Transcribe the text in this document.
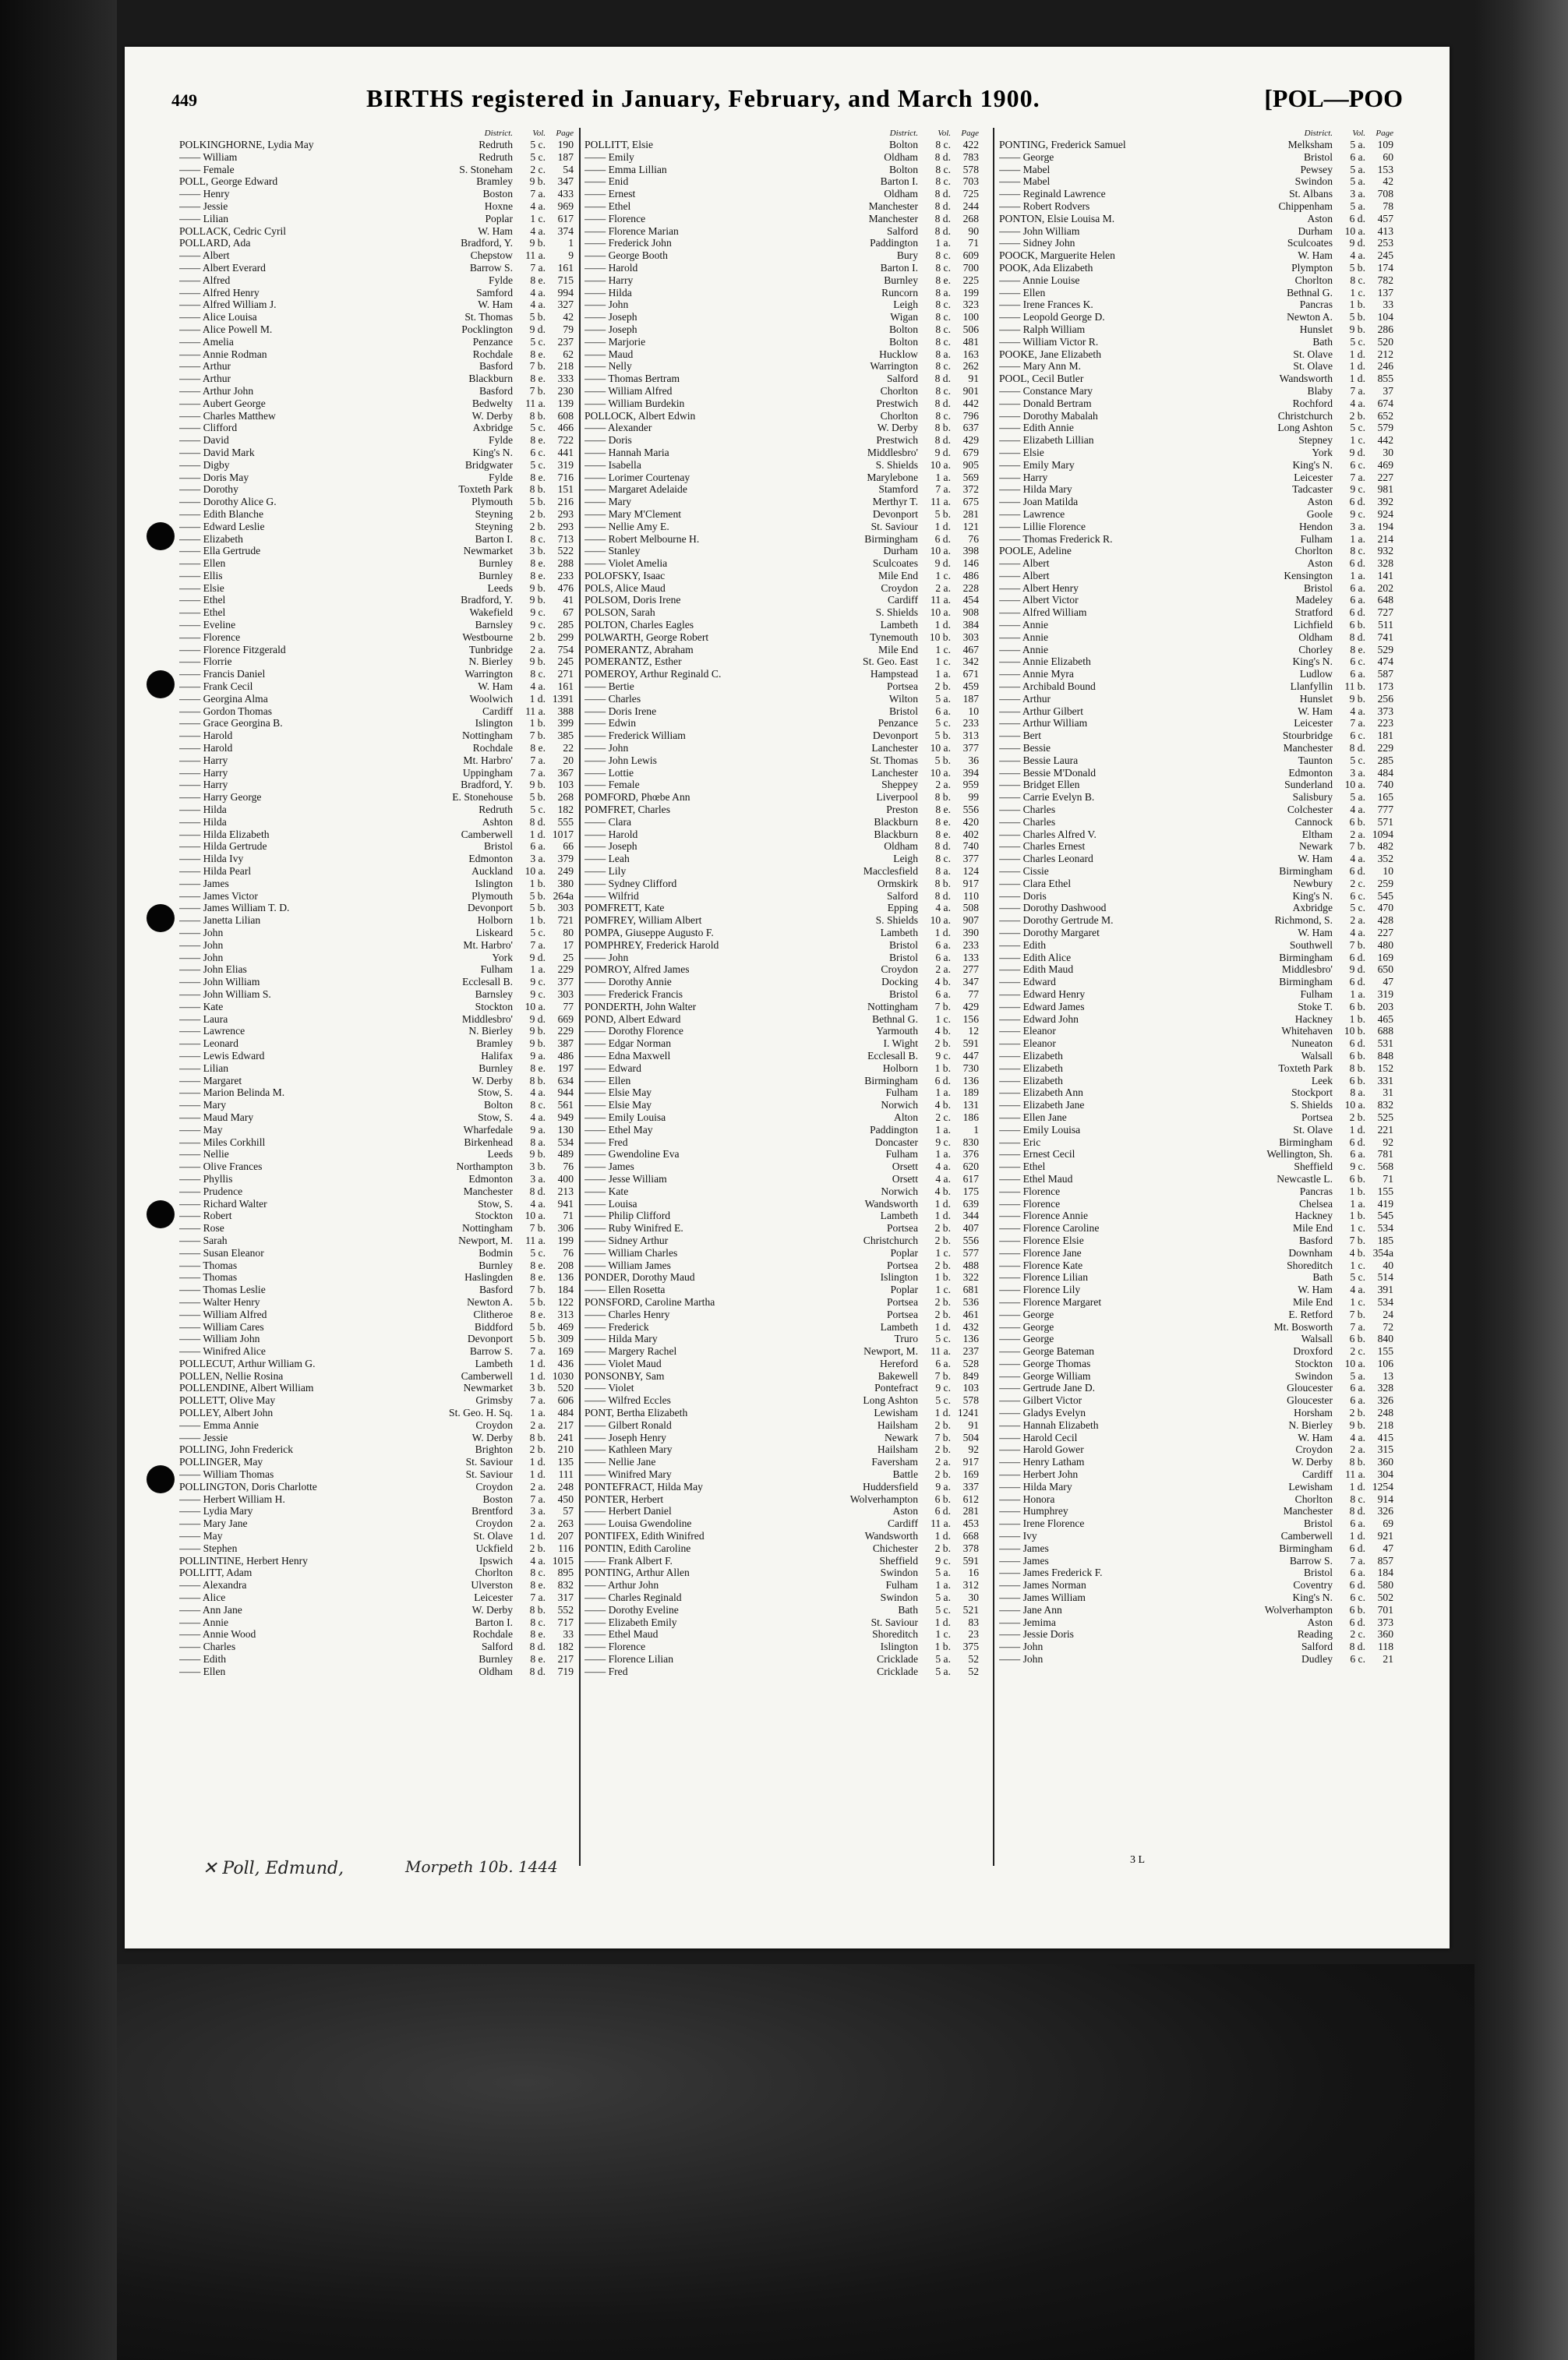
449	BIRTHS registered in January, February, and March 1900.	[POL—POO
District.	Vol.	Page
POLKINGHORNE, Lydia May	Redruth	5 c.	190
—— William	Redruth	5 c.	187
—— Female	S. Stoneham	2 c.	54
POLL, George Edward	Bramley	9 b.	347
—— Henry	Boston	7 a.	433
—— Jessie	Hoxne	4 a.	969
—— Lilian	Poplar	1 c.	617
POLLACK, Cedric Cyril	W. Ham	4 a.	374
POLLARD, Ada	Bradford, Y.	9 b.	1
—— Albert	Chepstow	11 a.	9
—— Albert Everard	Barrow S.	7 a.	161
—— Alfred	Fylde	8 e.	715
—— Alfred Henry	Samford	4 a.	994
—— Alfred William J.	W. Ham	4 a.	327
—— Alice Louisa	St. Thomas	5 b.	42
—— Alice Powell M.	Pocklington	9 d.	79
—— Amelia	Penzance	5 c.	237
—— Annie Rodman	Rochdale	8 e.	62
—— Arthur	Basford	7 b.	218
—— Arthur	Blackburn	8 e.	333
—— Arthur John	Basford	7 b.	230
—— Aubert George	Bedwelty	11 a.	139
—— Charles Matthew	W. Derby	8 b.	608
—— Clifford	Axbridge	5 c.	466
—— David	Fylde	8 e.	722
—— David Mark	King's N.	6 c.	441
—— Digby	Bridgwater	5 c.	319
—— Doris May	Fylde	8 e.	716
—— Dorothy	Toxteth Park	8 b.	151
—— Dorothy Alice G.	Plymouth	5 b.	216
—— Edith Blanche	Steyning	2 b.	293
—— Edward Leslie	Steyning	2 b.	293
—— Elizabeth	Barton I.	8 c.	713
—— Ella Gertrude	Newmarket	3 b.	522
—— Ellen	Burnley	8 e.	288
—— Ellis	Burnley	8 e.	233
—— Elsie	Leeds	9 b.	476
—— Ethel	Bradford, Y.	9 b.	41
—— Ethel	Wakefield	9 c.	67
—— Eveline	Barnsley	9 c.	285
—— Florence	Westbourne	2 b.	299
—— Florence Fitzgerald	Tunbridge	2 a.	754
—— Florrie	N. Bierley	9 b.	245
—— Francis Daniel	Warrington	8 c.	271
—— Frank Cecil	W. Ham	4 a.	161
—— Georgina Alma	Woolwich	1 d. 1391
—— Gordon Thomas	Cardiff	11 a.	388
—— Grace Georgina B.	Islington	1 b.	399
—— Harold	Nottingham	7 b.	385
—— Harold	Rochdale	8 e.	22
—— Harry	Mt. Harbro'	7 a.	20
—— Harry	Uppingham	7 a.	367
—— Harry	Bradford, Y.	9 b.	103
—— Harry George	E. Stonehouse	5 b.	268
—— Hilda	Redruth	5 c.	182
—— Hilda	Ashton	8 d.	555
—— Hilda Elizabeth	Camberwell	1 d. 1017
—— Hilda Gertrude	Bristol	6 a.	66
—— Hilda Ivy	Edmonton	3 a.	379
—— Hilda Pearl	Auckland	10 a.	249
—— James	Islington	1 b.	380
—— James Victor	Plymouth	5 b. 264a
—— James William T. D.	Devonport	5 b.	303
—— Janetta Lilian	Holborn	1 b.	721
—— John	Liskeard	5 c.	80
—— John	Mt. Harbro'	7 a.	17
—— John	York	9 d.	25
—— John Elias	Fulham	1 a.	229
—— John William	Ecclesall B.	9 c.	377
—— John William S.	Barnsley	9 c.	303
—— Kate	Stockton	10 a.	77
—— Laura	Middlesbro'	9 d.	669
—— Lawrence	N. Bierley	9 b.	229
—— Leonard	Bramley	9 b.	387
—— Lewis Edward	Halifax	9 a.	486
—— Lilian	Burnley	8 e.	197
—— Margaret	W. Derby	8 b.	634
—— Marion Belinda M.	Stow, S.	4 a.	944
—— Mary	Bolton	8 c.	561
—— Maud Mary	Stow, S.	4 a.	949
—— May	Wharfedale	9 a.	130
—— Miles Corkhill	Birkenhead	8 a.	534
—— Nellie	Leeds	9 b.	489
—— Olive Frances	Northampton	3 b.	76
—— Phyllis	Edmonton	3 a.	400
—— Prudence	Manchester	8 d.	213
—— Richard Walter	Stow, S.	4 a.	941
—— Robert	Stockton	10 a.	71
—— Rose	Nottingham	7 b.	306
—— Sarah	Newport, M.	11 a.	199
—— Susan Eleanor	Bodmin	5 c.	76
—— Thomas	Burnley	8 e.	208
—— Thomas	Haslingden	8 e.	136
—— Thomas Leslie	Basford	7 b.	184
—— Walter Henry	Newton A.	5 b.	122
—— William Alfred	Clitheroe	8 e.	313
—— William Cares	Biddford	5 b.	469
—— William John	Devonport	5 b.	309
—— Winifred Alice	Barrow S.	7 a.	169
POLLECUT, Arthur William G.	Lambeth	1 d.	436
POLLEN, Nellie Rosina	Camberwell	1 d. 1030
POLLENDINE, Albert William	Newmarket	3 b.	520
POLLETT, Olive May	Grimsby	7 a.	606
POLLEY, Albert John	St. Geo. H. Sq.	1 a.	484
—— Emma Annie	Croydon	2 a.	217
—— Jessie	W. Derby	8 b.	241
POLLING, John Frederick	Brighton	2 b.	210
POLLINGER, May	St. Saviour	1 d.	135
—— William Thomas	St. Saviour	1 d.	111
POLLINGTON, Doris Charlotte	Croydon	2 a.	248
—— Herbert William H.	Boston	7 a.	450
—— Lydia Mary	Brentford	3 a.	57
—— Mary Jane	Croydon	2 a.	263
—— May	St. Olave	1 d.	207
—— Stephen	Uckfield	2 b.	116
POLLINTINE, Herbert Henry	Ipswich	4 a. 1015
POLLITT, Adam	Chorlton	8 c.	895
—— Alexandra	Ulverston	8 e.	832
—— Alice	Leicester	7 a.	317
—— Ann Jane	W. Derby	8 b.	552
—— Annie	Barton I.	8 c.	717
—— Annie Wood	Rochdale	8 e.	33
—— Charles	Salford	8 d.	182
—— Edith	Burnley	8 e.	217
—— Ellen	Oldham	8 d.	719
District.	Vol.	Page
POLLITT, Elsie	Bolton	8 c.	422
—— Emily	Oldham	8 d.	783
—— Emma Lillian	Bolton	8 c.	578
—— Enid	Barton I.	8 c.	703
—— Ernest	Oldham	8 d.	725
—— Ethel	Manchester	8 d.	244
—— Florence	Manchester	8 d.	268
—— Florence Marian	Salford	8 d.	90
—— Frederick John	Paddington	1 a.	71
—— George Booth	Bury	8 c.	609
—— Harold	Barton I.	8 c.	700
—— Harry	Burnley	8 e.	225
—— Hilda	Runcorn	8 a.	199
—— John	Leigh	8 c.	323
—— Joseph	Wigan	8 c.	100
—— Joseph	Bolton	8 c.	506
—— Marjorie	Bolton	8 c.	481
—— Maud	Hucklow	8 a.	163
—— Nelly	Warrington	8 c.	262
—— Thomas Bertram	Salford	8 d.	91
—— William Alfred	Chorlton	8 c.	901
—— William Burdekin	Prestwich	8 d.	442
POLLOCK, Albert Edwin	Chorlton	8 c.	796
—— Alexander	W. Derby	8 b.	637
—— Doris	Prestwich	8 d.	429
—— Hannah Maria	Middlesbro'	9 d.	679
—— Isabella	S. Shields	10 a.	905
—— Lorimer Courtenay	Marylebone	1 a.	569
—— Margaret Adelaide	Stamford	7 a.	372
—— Mary	Merthyr T.	11 a.	675
—— Mary M'Clement	Devonport	5 b.	281
—— Nellie Amy E.	St. Saviour	1 d.	121
—— Robert Melbourne H.	Birmingham	6 d.	76
—— Stanley	Durham	10 a.	398
—— Violet Amelia	Sculcoates	9 d.	146
POLOFSKY, Isaac	Mile End	1 c.	486
POLS, Alice Maud	Croydon	2 a.	228
POLSOM, Doris Irene	Cardiff	11 a.	454
POLSON, Sarah	S. Shields	10 a.	908
POLTON, Charles Eagles	Lambeth	1 d.	384
POLWARTH, George Robert	Tynemouth	10 b.	303
POMERANTZ, Abraham	Mile End	1 c.	467
POMERANTZ, Esther	St. Geo. East	1 c.	342
POMEROY, Arthur Reginald C.	Hampstead	1 a.	671
—— Bertie	Portsea	2 b.	459
—— Charles	Wilton	5 a.	187
—— Doris Irene	Bristol	6 a.	10
—— Edwin	Penzance	5 c.	233
—— Frederick William	Devonport	5 b.	313
—— John	Lanchester	10 a.	377
—— John Lewis	St. Thomas	5 b.	36
—— Lottie	Lanchester	10 a.	394
—— Female	Sheppey	2 a.	959
POMFORD, Phœbe Ann	Liverpool	8 b.	99
POMFRET, Charles	Preston	8 e.	556
—— Clara	Blackburn	8 e.	420
—— Harold	Blackburn	8 e.	402
—— Joseph	Oldham	8 d.	740
—— Leah	Leigh	8 c.	377
—— Lily	Macclesfield	8 a.	124
—— Sydney Clifford	Ormskirk	8 b.	917
—— Wilfrid	Salford	8 d.	110
POMFRETT, Kate	Epping	4 a.	508
POMFREY, William Albert	S. Shields	10 a.	907
POMPA, Giuseppe Augusto F.	Lambeth	1 d.	390
POMPHREY, Frederick Harold	Bristol	6 a.	233
—— John	Bristol	6 a.	133
POMROY, Alfred James	Croydon	2 a.	277
—— Dorothy Annie	Docking	4 b.	347
—— Frederick Francis	Bristol	6 a.	77
PONDERTH, John Walter	Nottingham	7 b.	429
POND, Albert Edward	Bethnal G.	1 c.	156
—— Dorothy Florence	Yarmouth	4 b.	12
—— Edgar Norman	I. Wight	2 b.	591
—— Edna Maxwell	Ecclesall B.	9 c.	447
—— Edward	Holborn	1 b.	730
—— Ellen	Birmingham	6 d.	136
—— Elsie May	Fulham	1 a.	189
—— Elsie May	Norwich	4 b.	131
—— Emily Louisa	Alton	2 c.	186
—— Ethel May	Paddington	1 a.	1
—— Fred	Doncaster	9 c.	830
—— Gwendoline Eva	Fulham	1 a.	376
—— James	Orsett	4 a.	620
—— Jesse William	Orsett	4 a.	617
—— Kate	Norwich	4 b.	175
—— Louisa	Wandsworth	1 d.	639
—— Philip Clifford	Lambeth	1 d.	344
—— Ruby Winifred E.	Portsea	2 b.	407
—— Sidney Arthur	Christchurch	2 b.	556
—— William Charles	Poplar	1 c.	577
—— William James	Portsea	2 b.	488
PONDER, Dorothy Maud	Islington	1 b.	322
—— Ellen Rosetta	Poplar	1 c.	681
PONSFORD, Caroline Martha	Portsea	2 b.	536
—— Charles Henry	Portsea	2 b.	461
—— Frederick	Lambeth	1 d.	432
—— Hilda Mary	Truro	5 c.	136
—— Margery Rachel	Newport, M.	11 a.	237
—— Violet Maud	Hereford	6 a.	528
PONSONBY, Sam	Bakewell	7 b.	849
—— Violet	Pontefract	9 c.	103
—— Wilfred Eccles	Long Ashton	5 c.	578
PONT, Bertha Elizabeth	Lewisham	1 d. 1241
—— Gilbert Ronald	Hailsham	2 b.	91
—— Joseph Henry	Newark	7 b.	504
—— Kathleen Mary	Hailsham	2 b.	92
—— Nellie Jane	Faversham	2 a.	917
—— Winifred Mary	Battle	2 b.	169
PONTEFRACT, Hilda May	Huddersfield	9 a.	337
PONTER, Herbert	Wolverhampton	6 b.	612
—— Herbert Daniel	Aston	6 d.	281
—— Louisa Gwendoline	Cardiff	11 a.	453
PONTIFEX, Edith Winifred	Wandsworth	1 d.	668
PONTIN, Edith Caroline	Chichester	2 b.	378
—— Frank Albert F.	Sheffield	9 c.	591
PONTING, Arthur Allen	Swindon	5 a.	16
—— Arthur John	Fulham	1 a.	312
—— Charles Reginald	Swindon	5 a.	30
—— Dorothy Eveline	Bath	5 c.	521
—— Elizabeth Emily	St. Saviour	1 d.	83
—— Ethel Maud	Shoreditch	1 c.	23
—— Florence	Islington	1 b.	375
—— Florence Lilian	Cricklade	5 a.	52
—— Fred	Cricklade	5 a.	52
District.	Vol.	Page
PONTING, Frederick Samuel	Melksham	5 a.	109
—— George	Bristol	6 a.	60
—— Mabel	Pewsey	5 a.	153
—— Mabel	Swindon	5 a.	42
—— Reginald Lawrence	St. Albans	3 a.	708
—— Robert Rodvers	Chippenham	5 a.	78
PONTON, Elsie Louisa M.	Aston	6 d.	457
—— John William	Durham	10 a.	413
—— Sidney John	Sculcoates	9 d.	253
POOCK, Marguerite Helen	W. Ham	4 a.	245
POOK, Ada Elizabeth	Plympton	5 b.	174
—— Annie Louise	Chorlton	8 c.	782
—— Ellen	Bethnal G.	1 c.	137
—— Irene Frances K.	Pancras	1 b.	33
—— Leopold George D.	Newton A.	5 b.	104
—— Ralph William	Hunslet	9 b.	286
—— William Victor R.	Bath	5 c.	520
POOKE, Jane Elizabeth	St. Olave	1 d.	212
—— Mary Ann M.	St. Olave	1 d.	246
POOL, Cecil Butler	Wandsworth	1 d.	855
—— Constance Mary	Blaby	7 a.	37
—— Donald Bertram	Rochford	4 a.	674
—— Dorothy Mabalah	Christchurch	2 b.	652
—— Edith Annie	Long Ashton	5 c.	579
—— Elizabeth Lillian	Stepney	1 c.	442
—— Elsie	York	9 d.	30
—— Emily Mary	King's N.	6 c.	469
—— Harry	Leicester	7 a.	227
—— Hilda Mary	Tadcaster	9 c.	981
—— Joan Matilda	Aston	6 d.	392
—— Lawrence	Goole	9 c.	924
—— Lillie Florence	Hendon	3 a.	194
—— Thomas Frederick R.	Fulham	1 a.	214
POOLE, Adeline	Chorlton	8 c.	932
—— Albert	Aston	6 d.	328
—— Albert	Kensington	1 a.	141
—— Albert Henry	Bristol	6 a.	202
—— Albert Victor	Madeley	6 a.	648
—— Alfred William	Stratford	6 d.	727
—— Annie	Lichfield	6 b.	511
—— Annie	Oldham	8 d.	741
—— Annie	Chorley	8 e.	529
—— Annie Elizabeth	King's N.	6 c.	474
—— Annie Myra	Ludlow	6 a.	587
—— Archibald Bound	Llanfyllin	11 b.	173
—— Arthur	Hunslet	9 b.	256
—— Arthur Gilbert	W. Ham	4 a.	373
—— Arthur William	Leicester	7 a.	223
—— Bert	Stourbridge	6 c.	181
—— Bessie	Manchester	8 d.	229
—— Bessie Laura	Taunton	5 c.	285
—— Bessie M'Donald	Edmonton	3 a.	484
—— Bridget Ellen	Sunderland	10 a.	740
—— Carrie Evelyn B.	Salisbury	5 a.	165
—— Charles	Colchester	4 a.	777
—— Charles	Cannock	6 b.	571
—— Charles Alfred V.	Eltham	2 a. 1094
—— Charles Ernest	Newark	7 b.	482
—— Charles Leonard	W. Ham	4 a.	352
—— Cissie	Birmingham	6 d.	10
—— Clara Ethel	Newbury	2 c.	259
—— Doris	King's N.	6 c.	545
—— Dorothy Dashwood	Axbridge	5 c.	470
—— Dorothy Gertrude M.	Richmond, S.	2 a.	428
—— Dorothy Margaret	W. Ham	4 a.	227
—— Edith	Southwell	7 b.	480
—— Edith Alice	Birmingham	6 d.	169
—— Edith Maud	Middlesbro'	9 d.	650
—— Edward	Birmingham	6 d.	47
—— Edward Henry	Fulham	1 a.	319
—— Edward James	Stoke T.	6 b.	203
—— Edward John	Hackney	1 b.	465
—— Eleanor	Whitehaven	10 b.	688
—— Eleanor	Nuneaton	6 d.	531
—— Elizabeth	Walsall	6 b.	848
—— Elizabeth	Toxteth Park	8 b.	152
—— Elizabeth	Leek	6 b.	331
—— Elizabeth Ann	Stockport	8 a.	31
—— Elizabeth Jane	S. Shields	10 a.	832
—— Ellen Jane	Portsea	2 b.	525
—— Emily Louisa	St. Olave	1 d.	221
—— Eric	Birmingham	6 d.	92
—— Ernest Cecil	Wellington, Sh.	6 a.	781
—— Ethel	Sheffield	9 c.	568
—— Ethel Maud	Newcastle L.	6 b.	71
—— Florence	Pancras	1 b.	155
—— Florence	Chelsea	1 a.	419
—— Florence Annie	Hackney	1 b.	545
—— Florence Caroline	Mile End	1 c.	534
—— Florence Elsie	Basford	7 b.	185
—— Florence Jane	Downham	4 b. 354a
—— Florence Kate	Shoreditch	1 c.	40
—— Florence Lilian	Bath	5 c.	514
—— Florence Lily	W. Ham	4 a.	391
—— Florence Margaret	Mile End	1 c.	534
—— George	E. Retford	7 b.	24
—— George	Mt. Bosworth	7 a.	72
—— George	Walsall	6 b.	840
—— George Bateman	Droxford	2 c.	155
—— George Thomas	Stockton	10 a.	106
—— George William	Swindon	5 a.	13
—— Gertrude Jane D.	Gloucester	6 a.	328
—— Gilbert Victor	Gloucester	6 a.	326
—— Gladys Evelyn	Horsham	2 b.	248
—— Hannah Elizabeth	N. Bierley	9 b.	218
—— Harold Cecil	W. Ham	4 a.	415
—— Harold Gower	Croydon	2 a.	315
—— Henry Latham	W. Derby	8 b.	360
—— Herbert John	Cardiff	11 a.	304
—— Hilda Mary	Lewisham	1 d. 1254
—— Honora	Chorlton	8 c.	914
—— Humphrey	Manchester	8 d.	326
—— Irene Florence	Bristol	6 a.	69
—— Ivy	Camberwell	1 d.	921
—— James	Birmingham	6 d.	47
—— James	Barrow S.	7 a.	857
—— James Frederick F.	Bristol	6 a.	184
—— James Norman	Coventry	6 d.	580
—— James William	King's N.	6 c.	502
—— Jane Ann	Wolverhampton	6 b.	701
—— Jemima	Aston	6 d.	373
—— Jessie Doris	Reading	2 c.	360
—— John	Salford	8 d.	118
—— John	Dudley	6 c.	21
✕ Poll, Edmund,	Morpeth 10b. 1444	3 L
